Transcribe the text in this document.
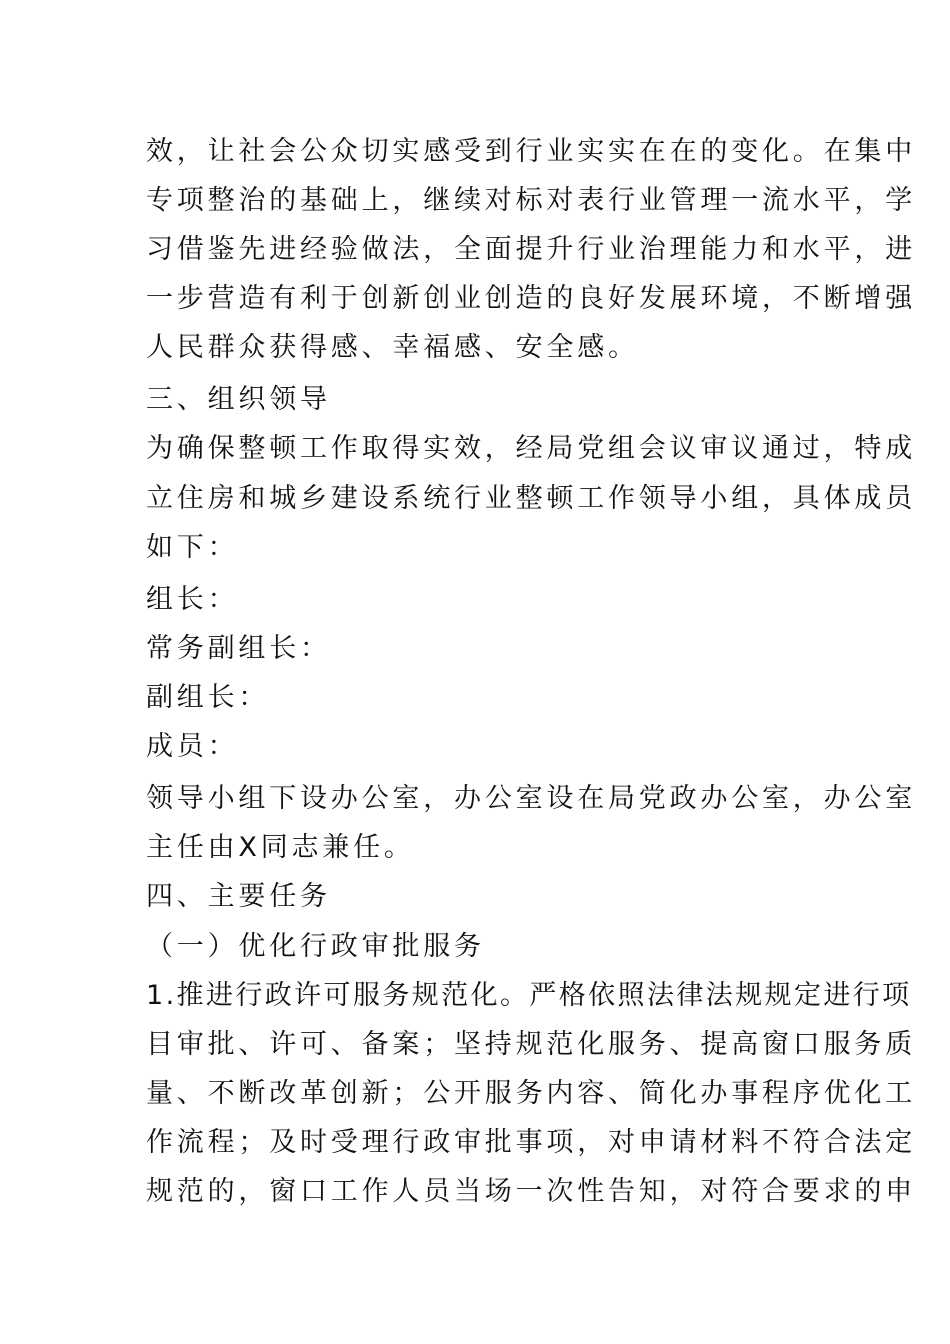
效，让社会公众切实感受到行业实实在在的变化。在集中
专项整治的基础上，继续对标对表行业管理一流水平，学
习借鉴先进经验做法，全面提升行业治理能力和水平，进
一步营造有利于创新创业创造的良好发展环境，不断增强
人民群众获得感、幸福感、安全感。
三、组织领导
为确保整顿工作取得实效，经局党组会议审议通过，特成
立住房和城乡建设系统行业整顿工作领导小组，具体成员
如下：
组长：
常务副组长：
副组长：
成员：
领导小组下设办公室，办公室设在局党政办公室，办公室
主任由X同志兼任。
四、主要任务
（一）优化行政审批服务
1.推进行政许可服务规范化。严格依照法律法规规定进行项
目审批、许可、备案；坚持规范化服务、提高窗口服务质
量、不断改革创新；公开服务内容、简化办事程序优化工
作流程；及时受理行政审批事项，对申请材料不符合法定
规范的，窗口工作人员当场一次性告知，对符合要求的申
